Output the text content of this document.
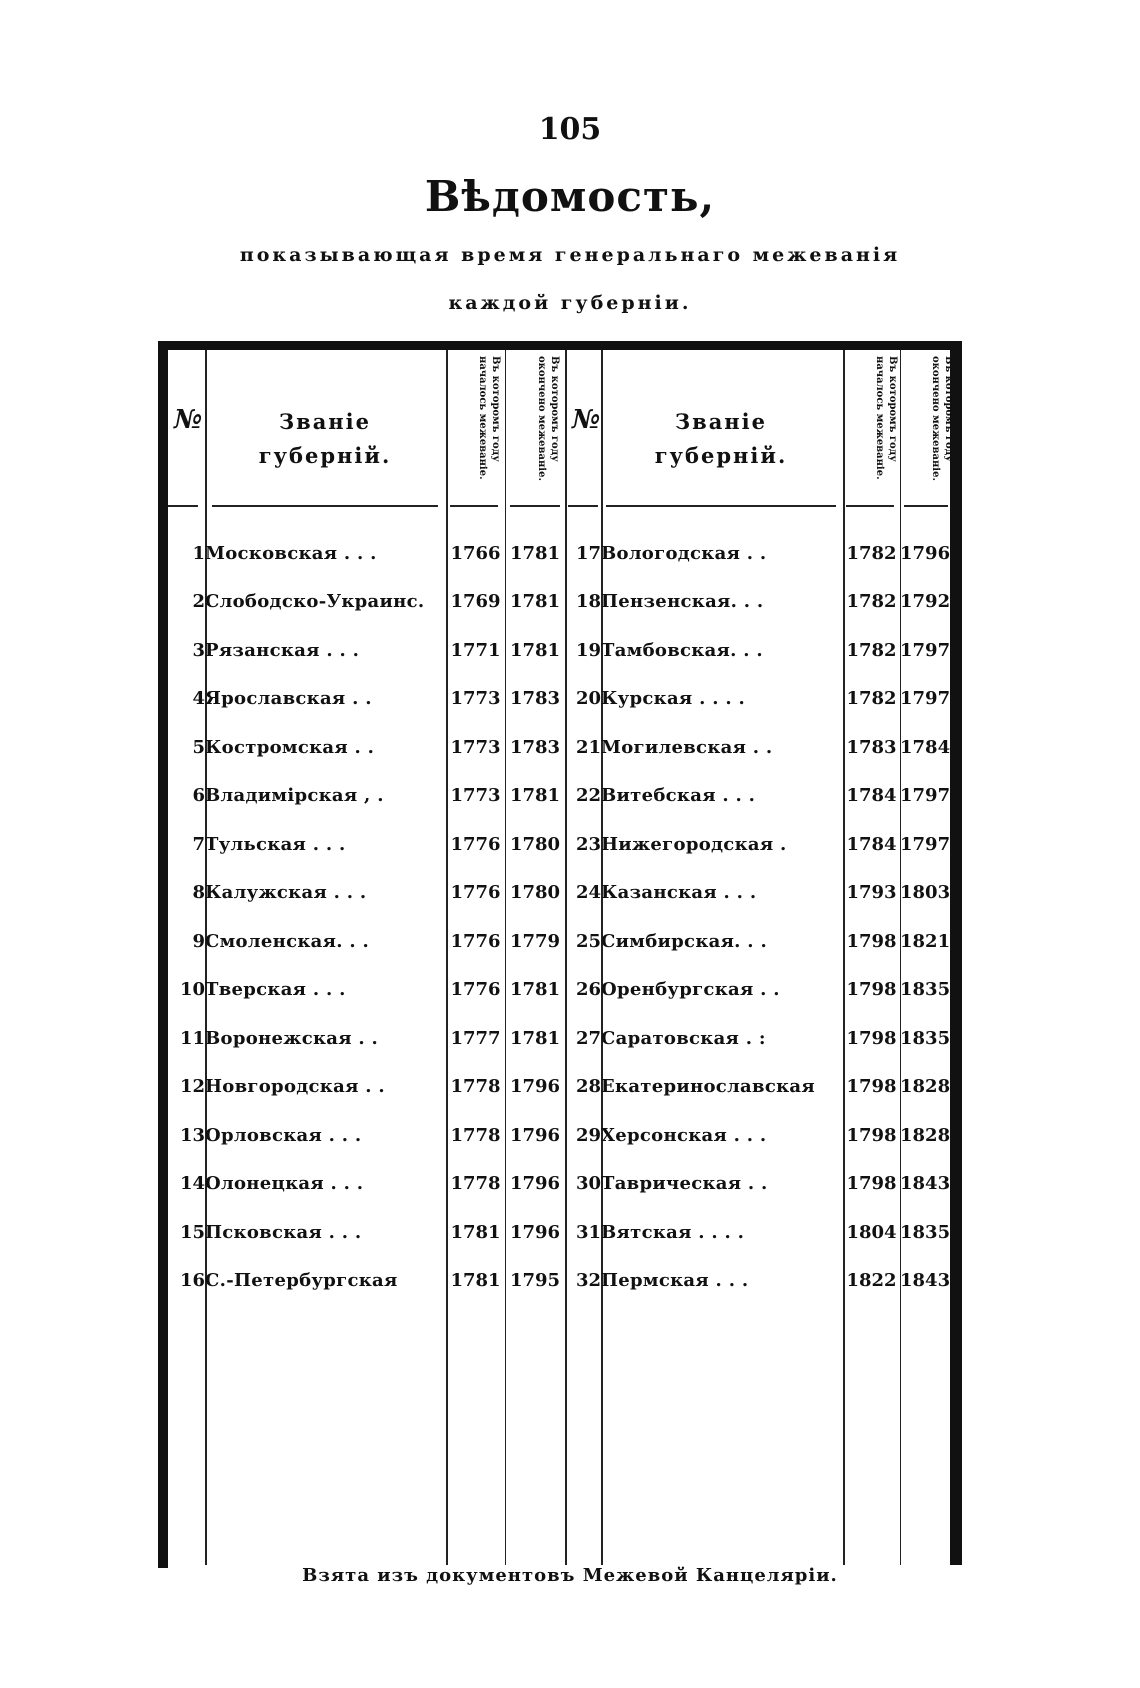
105
Вѣдомость,
показывающая время генеральнаго межеванія
каждой губерніи.
№	Званіе губерній.	Въ которомъ году началось межеваніе.	Въ которомъ году окончено межеваніе. №	Званіе губерній.	Въ которомъ году началось межеваніе.	Въ которомъ году окончено межеваніе.
1	Московская . . .	1766	1781	17	Вологодская . .	1782	1796
2	Слободско-Украинс.	1769	1781	18	Пензенская. . .	1782	1792
3	Рязанская . . .	1771	1781	19	Тамбовская. . .	1782	1797
4	Ярославская . .	1773	1783	20	Курская . . . .	1782	1797
5	Костромская . .	1773	1783	21	Могилевская . .	1783	1784
6	Владимірская , .	1773	1781	22	Витебская . . .	1784	1797
7	Тульская . . .	1776	1780	23	Нижегородская .	1784	1797
8	Калужская . . .	1776	1780	24	Казанская . . .	1793	1803
9	Смоленская. . .	1776	1779	25	Симбирская. . .	1798	1821
10	Тверская . . .	1776	1781	26	Оренбургская . .	1798	1835
11	Воронежская . .	1777	1781	27	Саратовская . :	1798	1835
12	Новгородская . .	1778	1796	28	Екатеринославская	1798	1828
13	Орловская . . .	1778	1796	29	Херсонская . . .	1798	1828
14	Олонецкая . . .	1778	1796	30	Таврическая . .	1798	1843
15	Псковская . . .	1781	1796	31	Вятская . . . .	1804	1835
16	С.-Петербургская	1781	1795	32	Пермская . . .	1822	1843
Взята изъ документовъ Межевой Канцеляріи.
